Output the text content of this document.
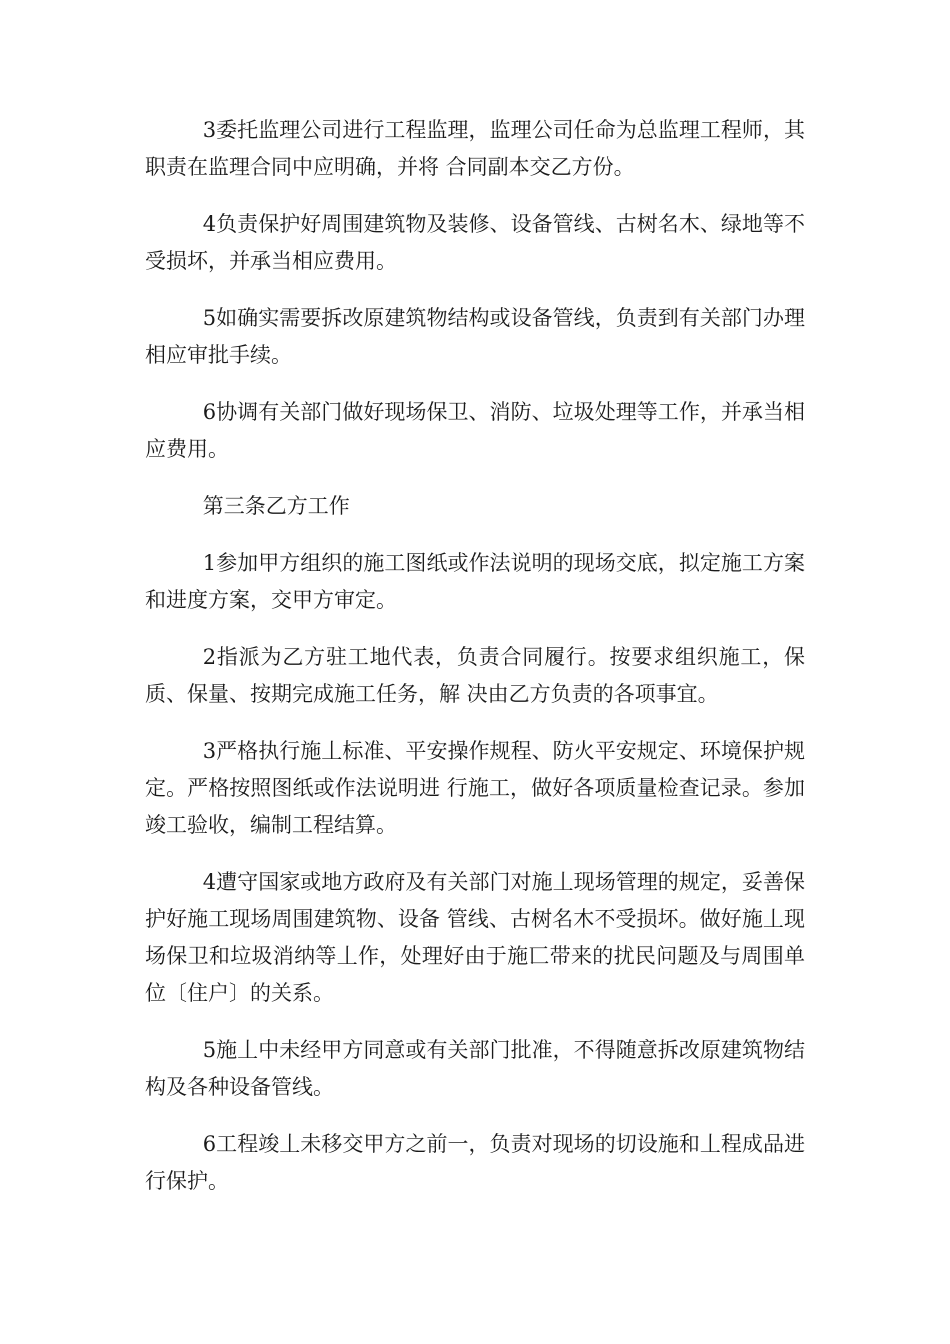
3委托监理公司进行工程监理，监理公司任命为总监理工程师，其职责在监理合同中应明确，并将 合同副本交乙方份。

4负责保护好周围建筑物及装修、设备管线、古树名木、绿地等不受损坏，并承当相应费用。

5如确实需要拆改原建筑物结构或设备管线，负责到有关部门办理相应审批手续。

6协调有关部门做好现场保卫、消防、垃圾处理等工作，并承当相应费用。

第三条乙方工作

1参加甲方组织的施工图纸或作法说明的现场交底，拟定施工方案和进度方案，交甲方审定。

2指派为乙方驻工地代表，负责合同履行。按要求组织施工，保质、保量、按期完成施工任务，解 决由乙方负责的各项事宜。

3严格执行施丄标准、平安操作规程、防火平安规定、环境保护规定。严格按照图纸或作法说明进 行施工，做好各项质量检查记录。参加竣工验收，编制工程结算。

4遭守国家或地方政府及有关部门对施丄现场管理的规定，妥善保护好施工现场周围建筑物、设备 管线、古树名木不受损坏。做好施丄现场保卫和垃圾消纳等丄作，处理好由于施匸带来的扰民问题及与周围单位〔住户〕的关系。

5施丄中未经甲方同意或有关部门批准，不得随意拆改原建筑物结构及各种设备管线。

6工程竣丄未移交甲方之前一，负责对现场的切设施和丄程成品进行保护。
